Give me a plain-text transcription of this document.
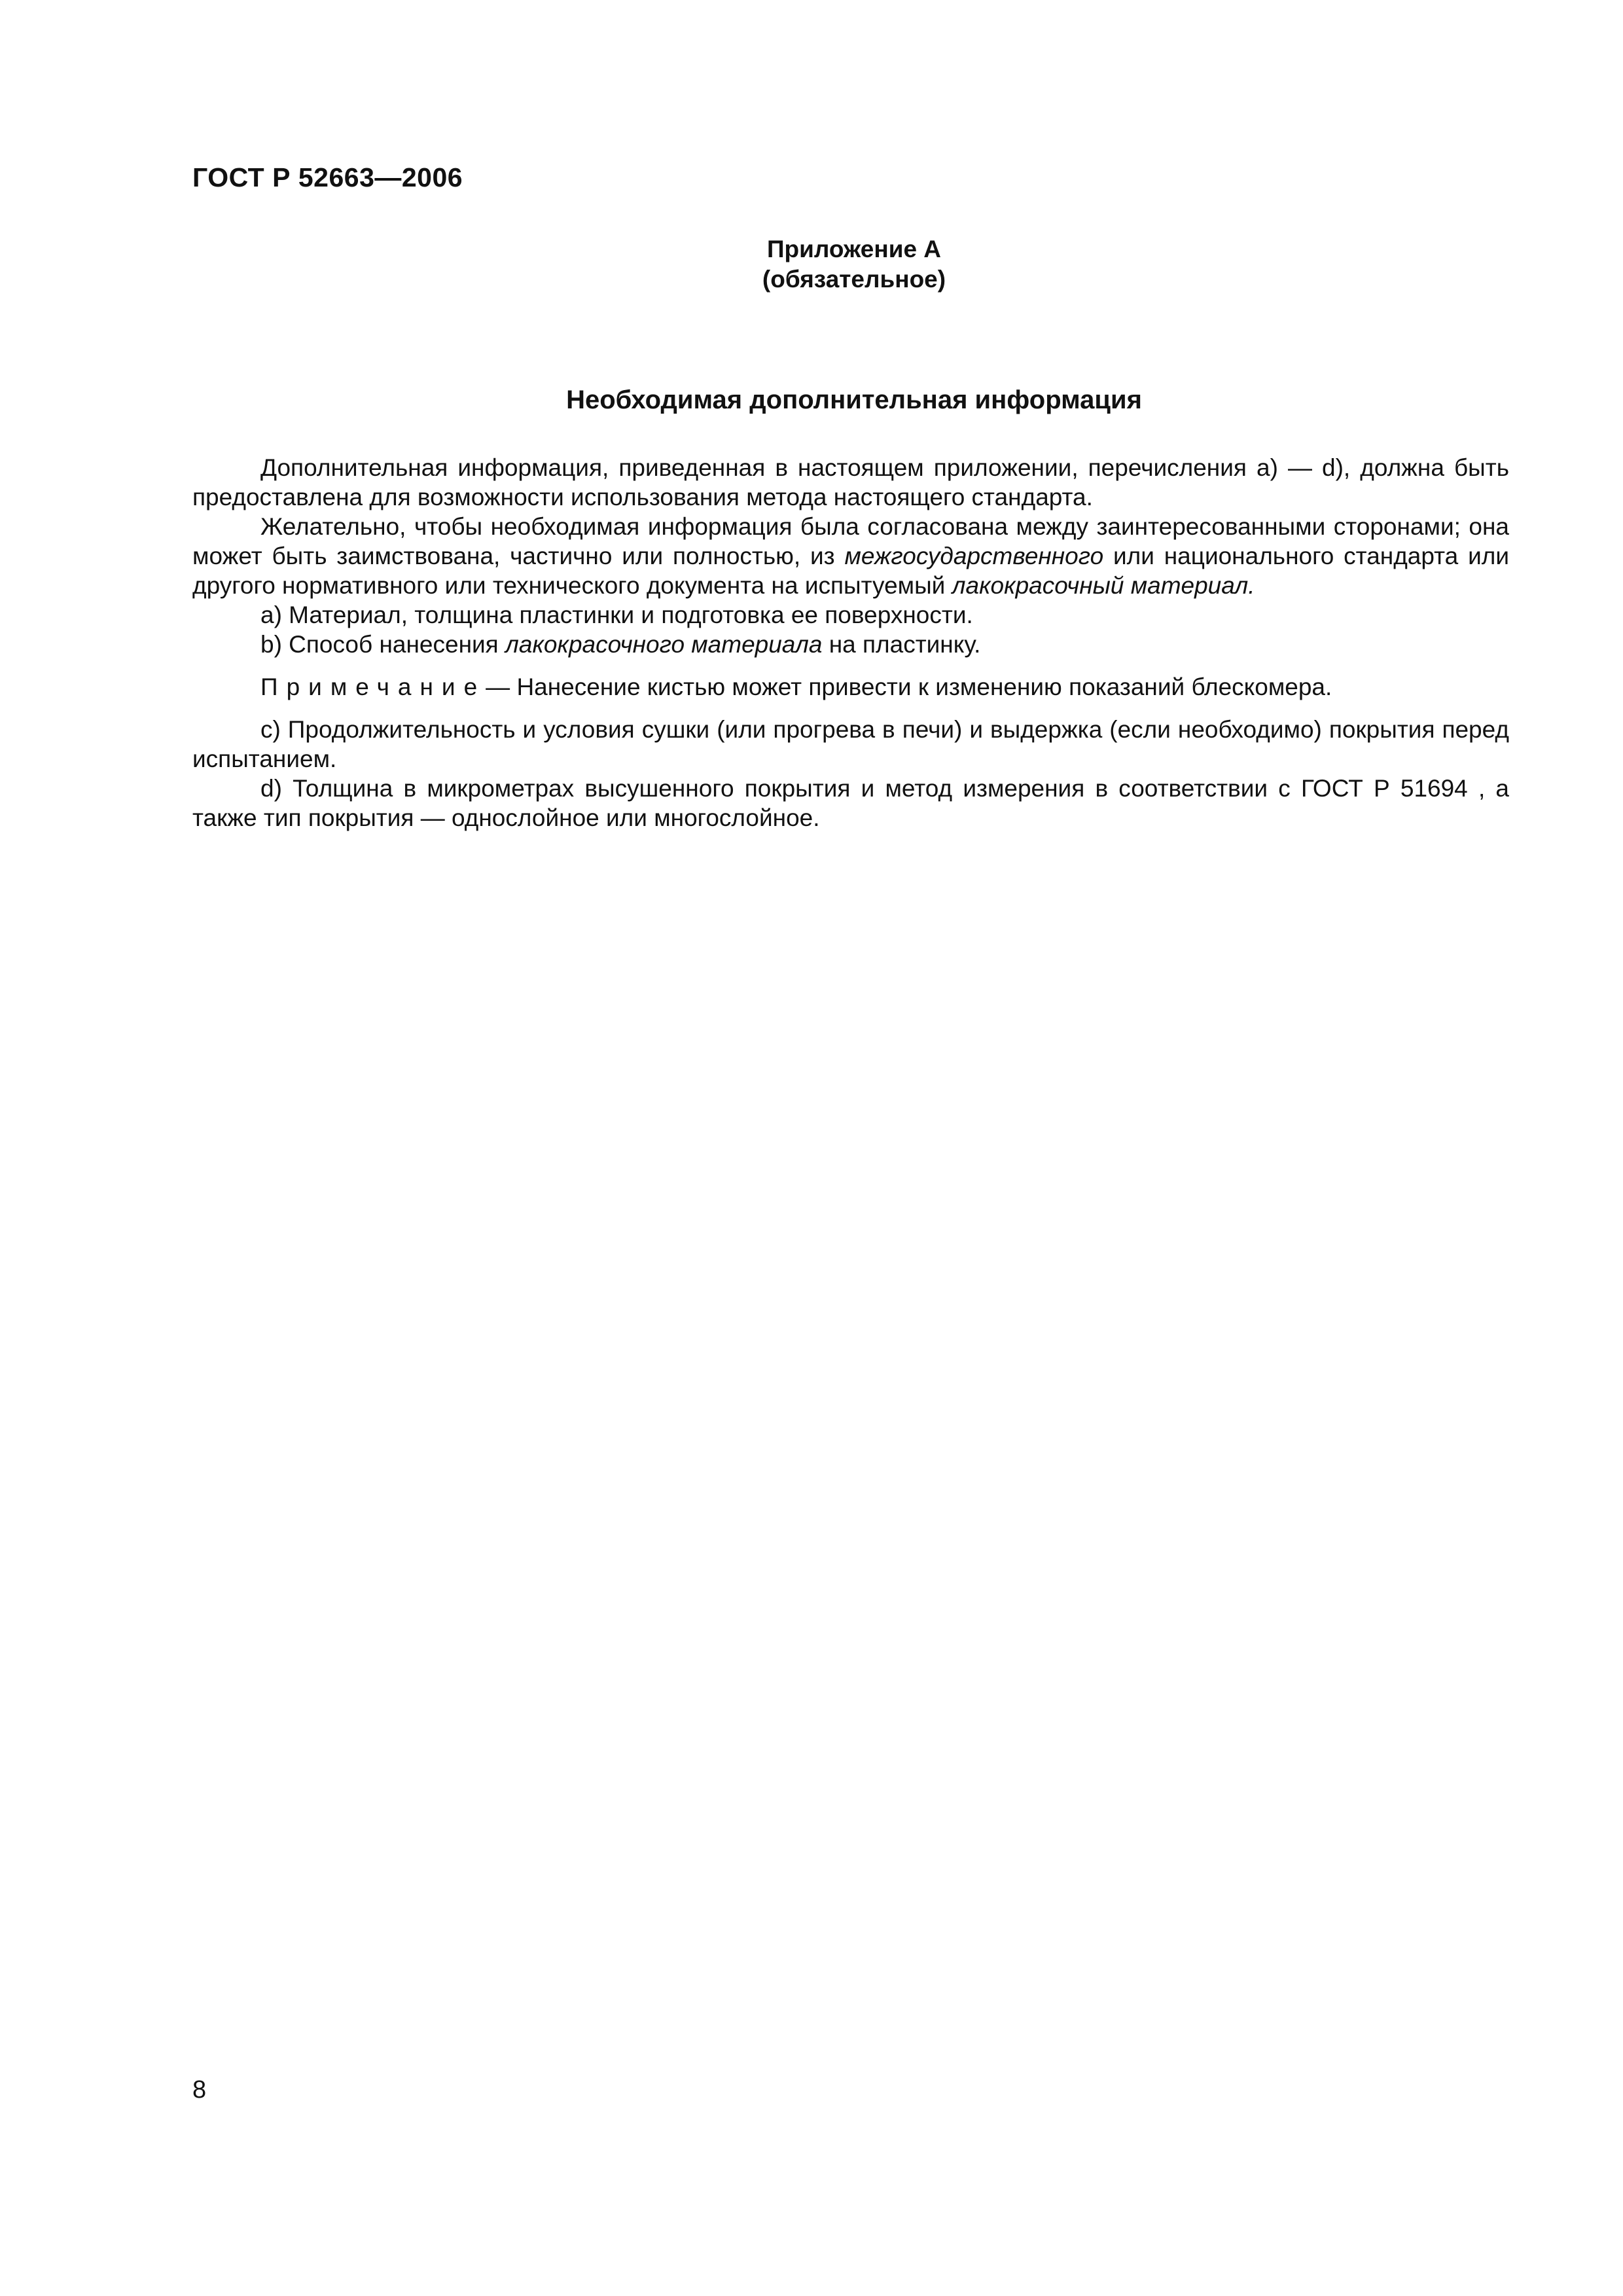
ГОСТ Р 52663—2006
Приложение А
(обязательное)
Необходимая дополнительная информация

Дополнительная информация, приведенная в настоящем приложении, перечисления а) — d), должна быть предоставлена для возможности использования метода настоящего стандарта.

Желательно, чтобы необходимая информация была согласована между заинтересованными сторонами; она может быть заимствована, частично или полностью, из межгосударственного или национального стандарта или другого нормативного или технического документа на испытуемый лакокрасочный материал.

а) Материал, толщина пластинки и подготовка ее поверхности.

b) Способ нанесения лакокрасочного материала на пластинку.

Примечание— Нанесение кистью может привести к изменению показаний блескомера.

с) Продолжительность и условия сушки (или прогрева в печи) и выдержка (если необходимо) покрытия перед испытанием.

d) Толщина в микрометрах высушенного покрытия и метод измерения в соответствии с ГОСТ Р 51694 , а также тип покрытия — однослойное или многослойное.

8
